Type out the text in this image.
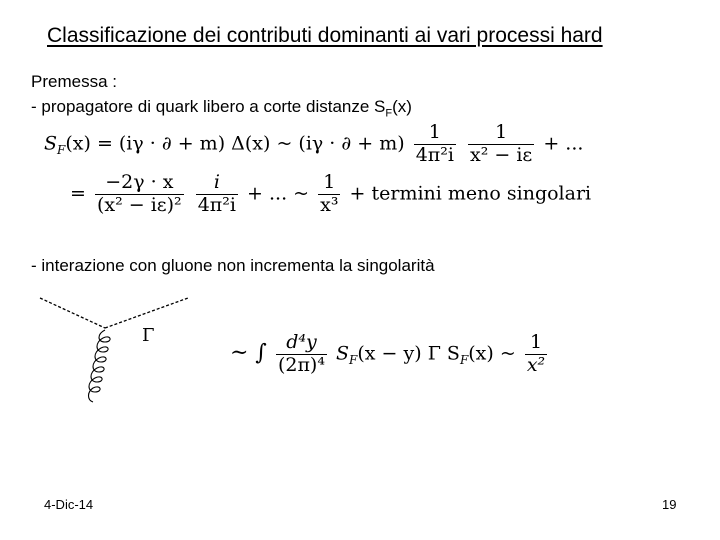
Classificazione dei contributi dominanti ai vari processi hard
Premessa :
- propagatore di quark libero a corte distanze $S_F(x)$
$S_F(x) = (i\gamma$ · ∂ + m) Δ(x) ~ (iγ · ∂ + $m) \frac{1}{\text{4π²i}}$
$\frac{1}{\text{x² − iε}}$ + ...
= $\frac{-2\gamma \cdot x}{\text{(x² − iε)²}}$
$\frac{i}{\text{4π²i}}$ + ... ~ $\frac{1}{\text{x³}} + termini$ meno singolari
- interazione con gluone non incrementa la singolarità
Γ
~ ∫ $\frac{\text{d⁴y}}{\text{(2π)⁴}} S_F(x - y)$ Γ $S_F(x)$ ~ $\frac{1}{\text{x²}}$
4-Dic-14	19
